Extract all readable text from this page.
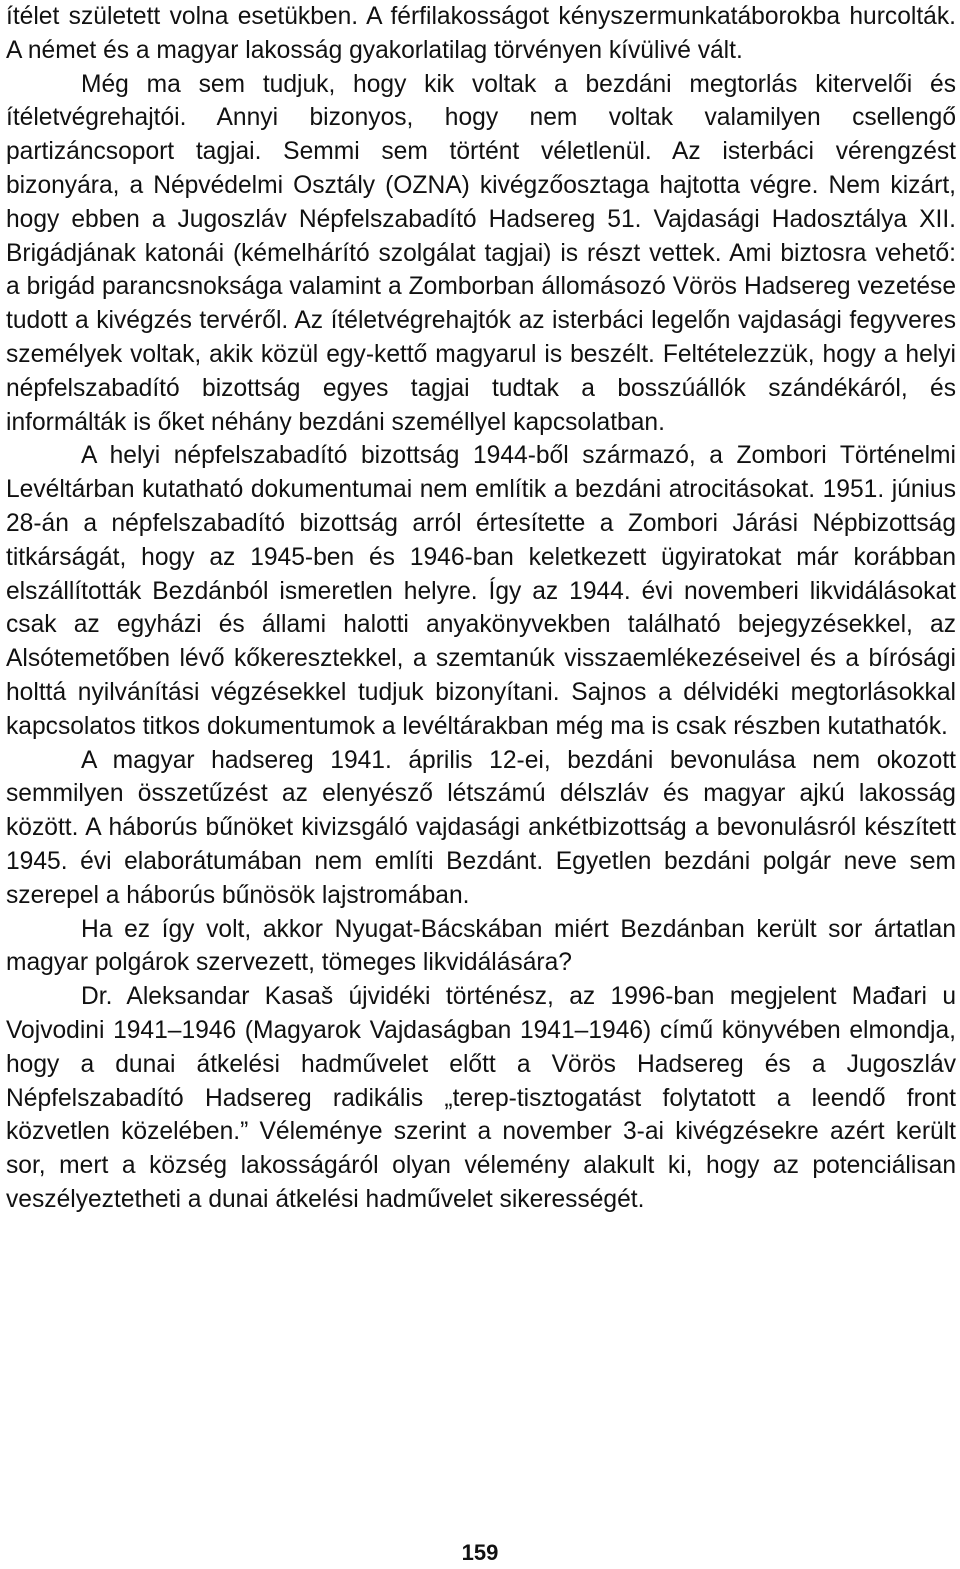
ítélet született volna esetükben. A férfilakosságot kényszermunkatáborokba hurcolták. A német és a magyar lakosság gyakorlatilag törvényen kívülivé vált.

Még ma sem tudjuk, hogy kik voltak a bezdáni megtorlás kitervelői és ítéletvégrehajtói. Annyi bizonyos, hogy nem voltak valamilyen csellengő partizáncsoport tagjai. Semmi sem történt véletlenül. Az isterbáci vérengzést bizonyára, a Népvédelmi Osztály (OZNA) kivégzőosztaga hajtotta végre. Nem kizárt, hogy ebben a Jugoszláv Népfelszabadító Hadsereg 51. Vajdasági Hadosztálya XII. Brigádjának katonái (kémelhárító szolgálat tagjai) is részt vettek. Ami biztosra vehető: a brigád parancsnoksága valamint a Zomborban állomásozó Vörös Hadsereg vezetése tudott a kivégzés tervéről. Az ítéletvégrehajtók az isterbáci legelőn vajdasági fegyveres személyek voltak, akik közül egy-kettő magyarul is beszélt. Feltételezzük, hogy a helyi népfelszabadító bizottság egyes tagjai tudtak a bosszúállók szándékáról, és informálták is őket néhány bezdáni személlyel kapcsolatban.

A helyi népfelszabadító bizottság 1944-ből származó, a Zombori Történelmi Levéltárban kutatható dokumentumai nem említik a bezdáni atrocitásokat. 1951. június 28-án a népfelszabadító bizottság arról értesítette a Zombori Járási Népbizottság titkárságát, hogy az 1945-ben és 1946-ban keletkezett ügyiratokat már korábban elszállították Bezdánból ismeretlen helyre. Így az 1944. évi novemberi likvidálásokat csak az egyházi és állami halotti anyakönyvekben található bejegyzésekkel, az Alsótemetőben lévő kőkeresztekkel, a szemtanúk visszaemlékezéseivel és a bírósági holttá nyilvánítási végzésekkel tudjuk bizonyítani. Sajnos a délvidéki megtorlásokkal kapcsolatos titkos dokumentumok a levéltárakban még ma is csak részben kutathatók.

A magyar hadsereg 1941. április 12-ei, bezdáni bevonulása nem okozott semmilyen összetűzést az elenyésző létszámú délszláv és magyar ajkú lakosság között. A háborús bűnöket kivizsgáló vajdasági ankétbizottság a bevonulásról készített 1945. évi elaborátumában nem említi Bezdánt. Egyetlen bezdáni polgár neve sem szerepel a háborús bűnösök lajstromában.

Ha ez így volt, akkor Nyugat-Bácskában miért Bezdánban került sor ártatlan magyar polgárok szervezett, tömeges likvidálására?

Dr. Aleksandar Kasaš újvidéki történész, az 1996-ban megjelent Mađari u Vojvodini 1941–1946 (Magyarok Vajdaságban 1941–1946) című könyvében elmondja, hogy a dunai átkelési hadművelet előtt a Vörös Hadsereg és a Jugoszláv Népfelszabadító Hadsereg radikális „terep-tisztogatást folytatott a leendő front közvetlen közelében.” Véleménye szerint a november 3-ai kivégzésekre azért került sor, mert a község lakosságáról olyan vélemény alakult ki, hogy az potenciálisan veszélyeztetheti a dunai átkelési hadművelet sikerességét.

159
